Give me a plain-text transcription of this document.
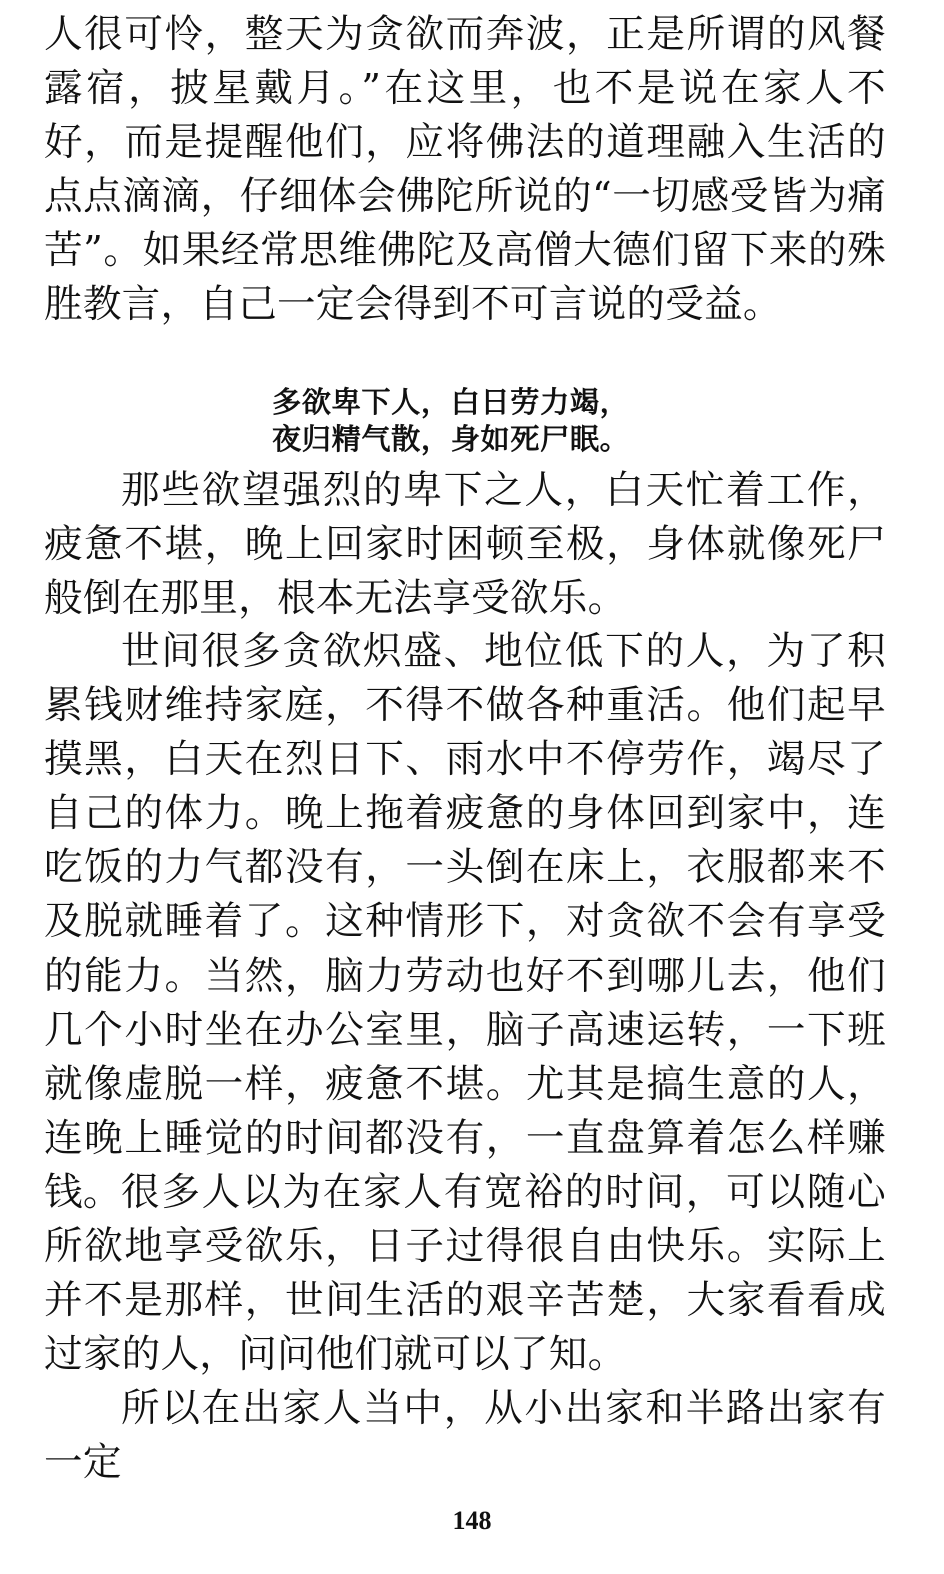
人很可怜，整天为贪欲而奔波，正是所谓的风餐露宿，披星戴月。”在这里，也不是说在家人不好，而是提醒他们，应将佛法的道理融入生活的点点滴滴，仔细体会佛陀所说的“一切感受皆为痛苦”。如果经常思维佛陀及高僧大德们留下来的殊胜教言，自己一定会得到不可言说的受益。

多欲卑下人，白日劳力竭，
夜归精气散，身如死尸眠。

那些欲望强烈的卑下之人，白天忙着工作，疲惫不堪，晚上回家时困顿至极，身体就像死尸般倒在那里，根本无法享受欲乐。

世间很多贪欲炽盛、地位低下的人，为了积累钱财维持家庭，不得不做各种重活。他们起早摸黑，白天在烈日下、雨水中不停劳作，竭尽了自己的体力。晚上拖着疲惫的身体回到家中，连吃饭的力气都没有，一头倒在床上，衣服都来不及脱就睡着了。这种情形下，对贪欲不会有享受的能力。当然，脑力劳动也好不到哪儿去，他们几个小时坐在办公室里，脑子高速运转，一下班就像虚脱一样，疲惫不堪。尤其是搞生意的人，连晚上睡觉的时间都没有，一直盘算着怎么样赚钱。 很多人以为在家人有宽裕的时间，可以随心所欲地享受欲乐，日子过得很自由快乐。实际上并不是那样，世间生活的艰辛苦楚，大家看看成过家的人，问问他们就可以了知。

所以在出家人当中，从小出家和半路出家有一定

148
